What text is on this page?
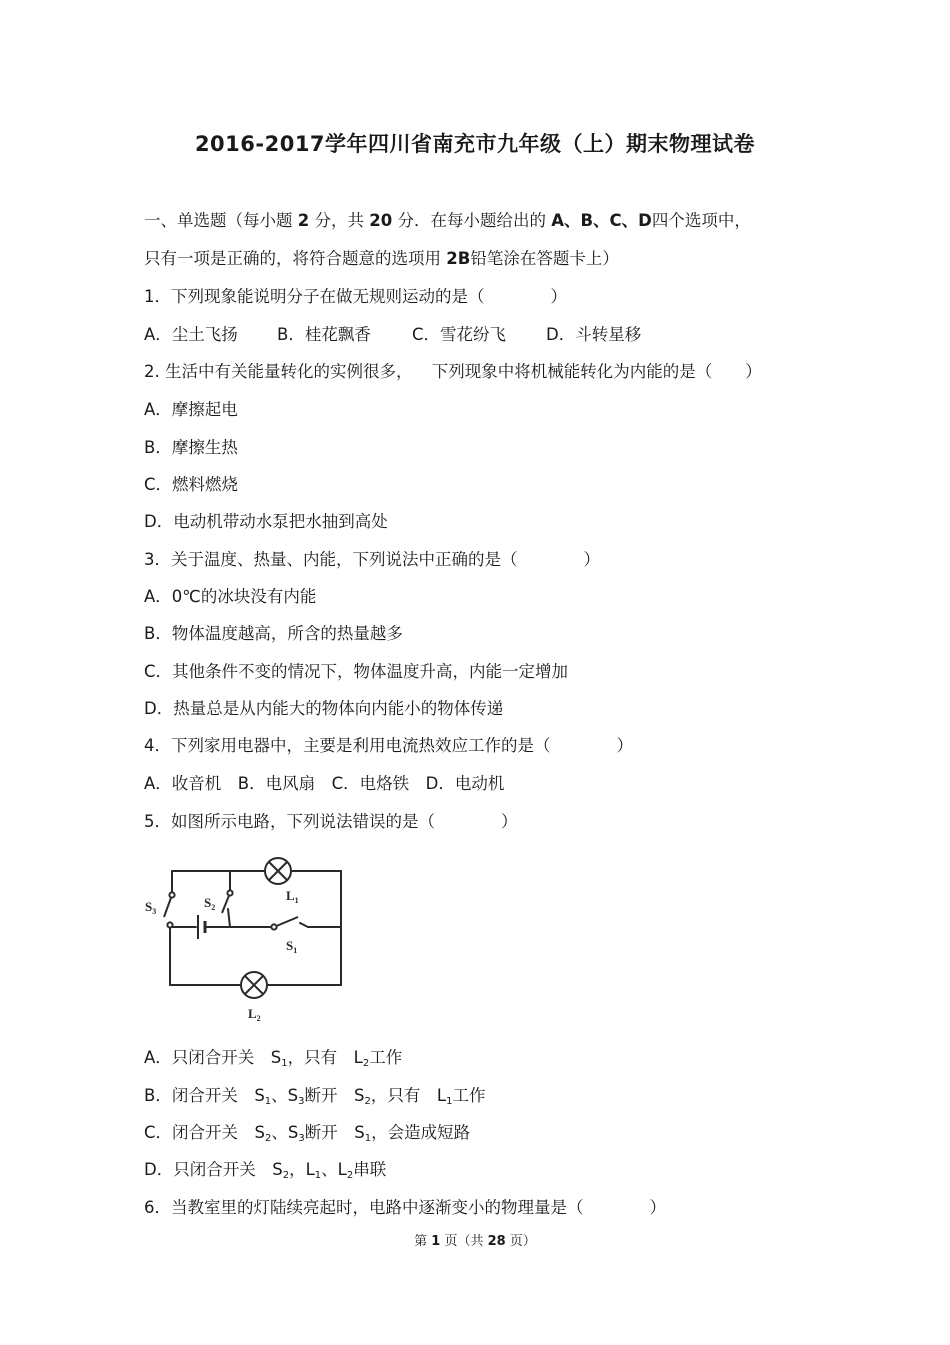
2016-2017学年四川省南充市九年级（上）期末物理试卷
一、单选题（每小题 2 分，共 20 分．在每小题给出的 A、B、C、D四个选项中，
只有一项是正确的，将符合题意的选项用 2B铅笔涂在答题卡上）
1．下列现象能说明分子在做无规则运动的是（　　　　）
A．尘土飞扬 B．桂花飘香 C．雪花纷飞 D．斗转星移
2. 生活中有关能量转化的实例很多， 下列现象中将机械能转化为内能的是（　　）
A．摩擦起电
B．摩擦生热
C．燃料燃烧
D．电动机带动水泵把水抽到高处
3．关于温度、热量、内能，下列说法中正确的是（　　　　）
A．0℃的冰块没有内能
B．物体温度越高，所含的热量越多
C．其他条件不变的情况下，物体温度升高，内能一定增加
D．热量总是从内能大的物体向内能小的物体传递
4．下列家用电器中，主要是利用电流热效应工作的是（　　　　）
A．收音机　B．电风扇　C．电烙铁　D．电动机
5．如图所示电路，下列说法错误的是（　　　　）
$S_3$
$S_2$
$S_1$
$L_1$
$L_2$
A．只闭合开关　$S_1$，只有　$L_2$工作
B．闭合开关　$S_1$、$S_3$断开　$S_2$，只有　$L_1$工作
C．闭合开关　$S_2$、$S_3$断开　$S_1$，会造成短路
D．只闭合开关　$S_2$，$L_1$、$L_2$串联
6．当教室里的灯陆续亮起时，电路中逐渐变小的物理量是（　　　　）
第 1 页（共 28 页）
